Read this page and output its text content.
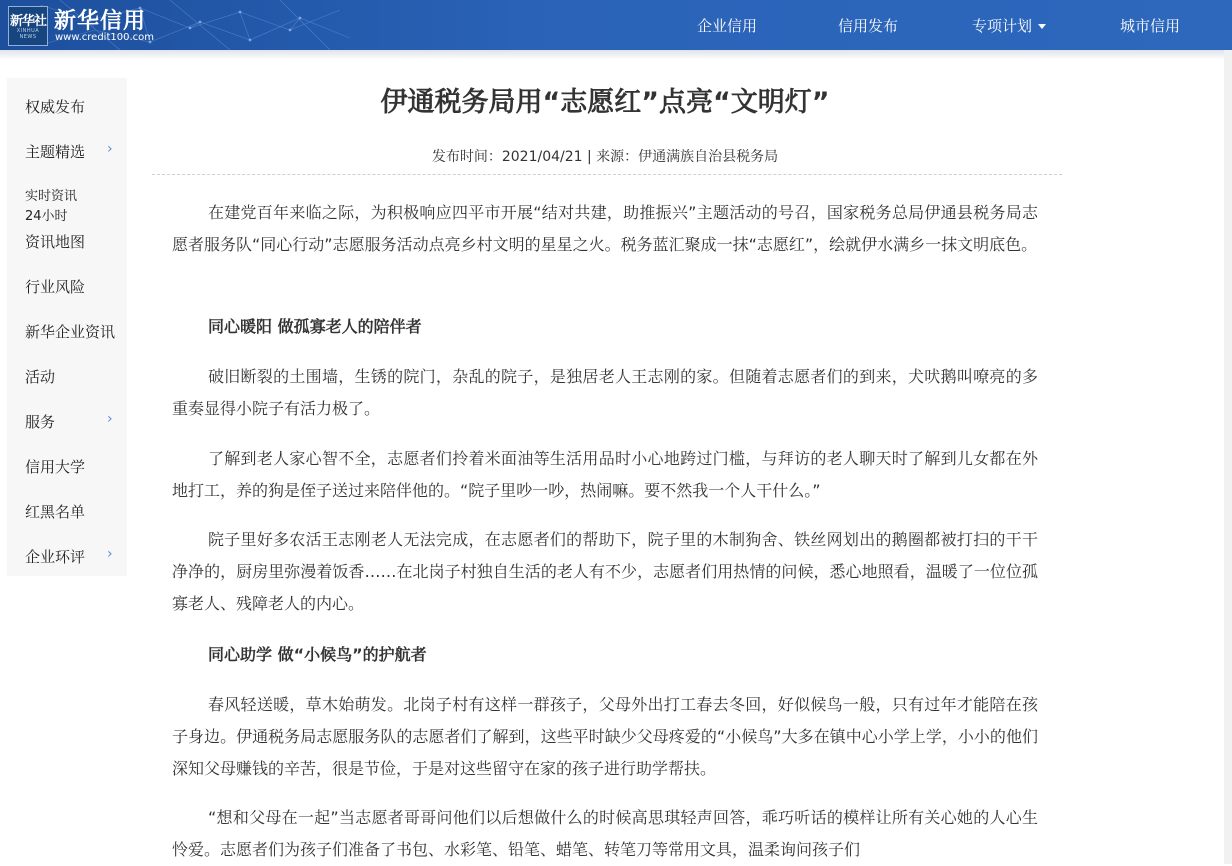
新华社
XINHUA NEWS
新华信用
www.credit100.com
企业信用	信用发布	专项计划	城市信用
权威发布
主题精选 ›
实时资讯
24小时
资讯地图
行业风险
新华企业资讯
活动
服务	›
信用大学
红黑名单
企业环评 ›
伊通税务局用“志愿红”点亮“文明灯”
发布时间：2021/04/21 | 来源：伊通满族自治县税务局

在建党百年来临之际，为积极响应四平市开展“结对共建，助推振兴”主题活动的号召，国家税务总局伊通县税务局志愿者服务队“同心行动”志愿服务活动点亮乡村文明的星星之火。税务蓝汇聚成一抹“志愿红”，绘就伊水满乡一抹文明底色。

同心暖阳 做孤寡老人的陪伴者

破旧断裂的土围墙，生锈的院门，杂乱的院子，是独居老人王志刚的家。但随着志愿者们的到来，犬吠鹅叫嘹亮的多重奏显得小院子有活力极了。

了解到老人家心智不全，志愿者们拎着米面油等生活用品时小心地跨过门槛，与拜访的老人聊天时了解到儿女都在外地打工，养的狗是侄子送过来陪伴他的。“院子里吵一吵，热闹嘛。要不然我一个人干什么。”

院子里好多农活王志刚老人无法完成，在志愿者们的帮助下，院子里的木制狗舍、铁丝网划出的鹅圈都被打扫的干干净净的，厨房里弥漫着饭香……在北岗子村独自生活的老人有不少，志愿者们用热情的问候，悉心地照看，温暖了一位位孤寡老人、残障老人的内心。

同心助学 做“小候鸟”的护航者

春风轻送暖，草木始萌发。北岗子村有这样一群孩子，父母外出打工春去冬回，好似候鸟一般，只有过年才能陪在孩子身边。伊通税务局志愿服务队的志愿者们了解到，这些平时缺少父母疼爱的“小候鸟”大多在镇中心小学上学，小小的他们深知父母赚钱的辛苦，很是节俭，于是对这些留守在家的孩子进行助学帮扶。

“想和父母在一起”当志愿者哥哥问他们以后想做什么的时候高思琪轻声回答，乖巧听话的模样让所有关心她的人心生怜爱。志愿者们为孩子们准备了书包、水彩笔、铅笔、蜡笔、转笔刀等常用文具，温柔询问孩子们
